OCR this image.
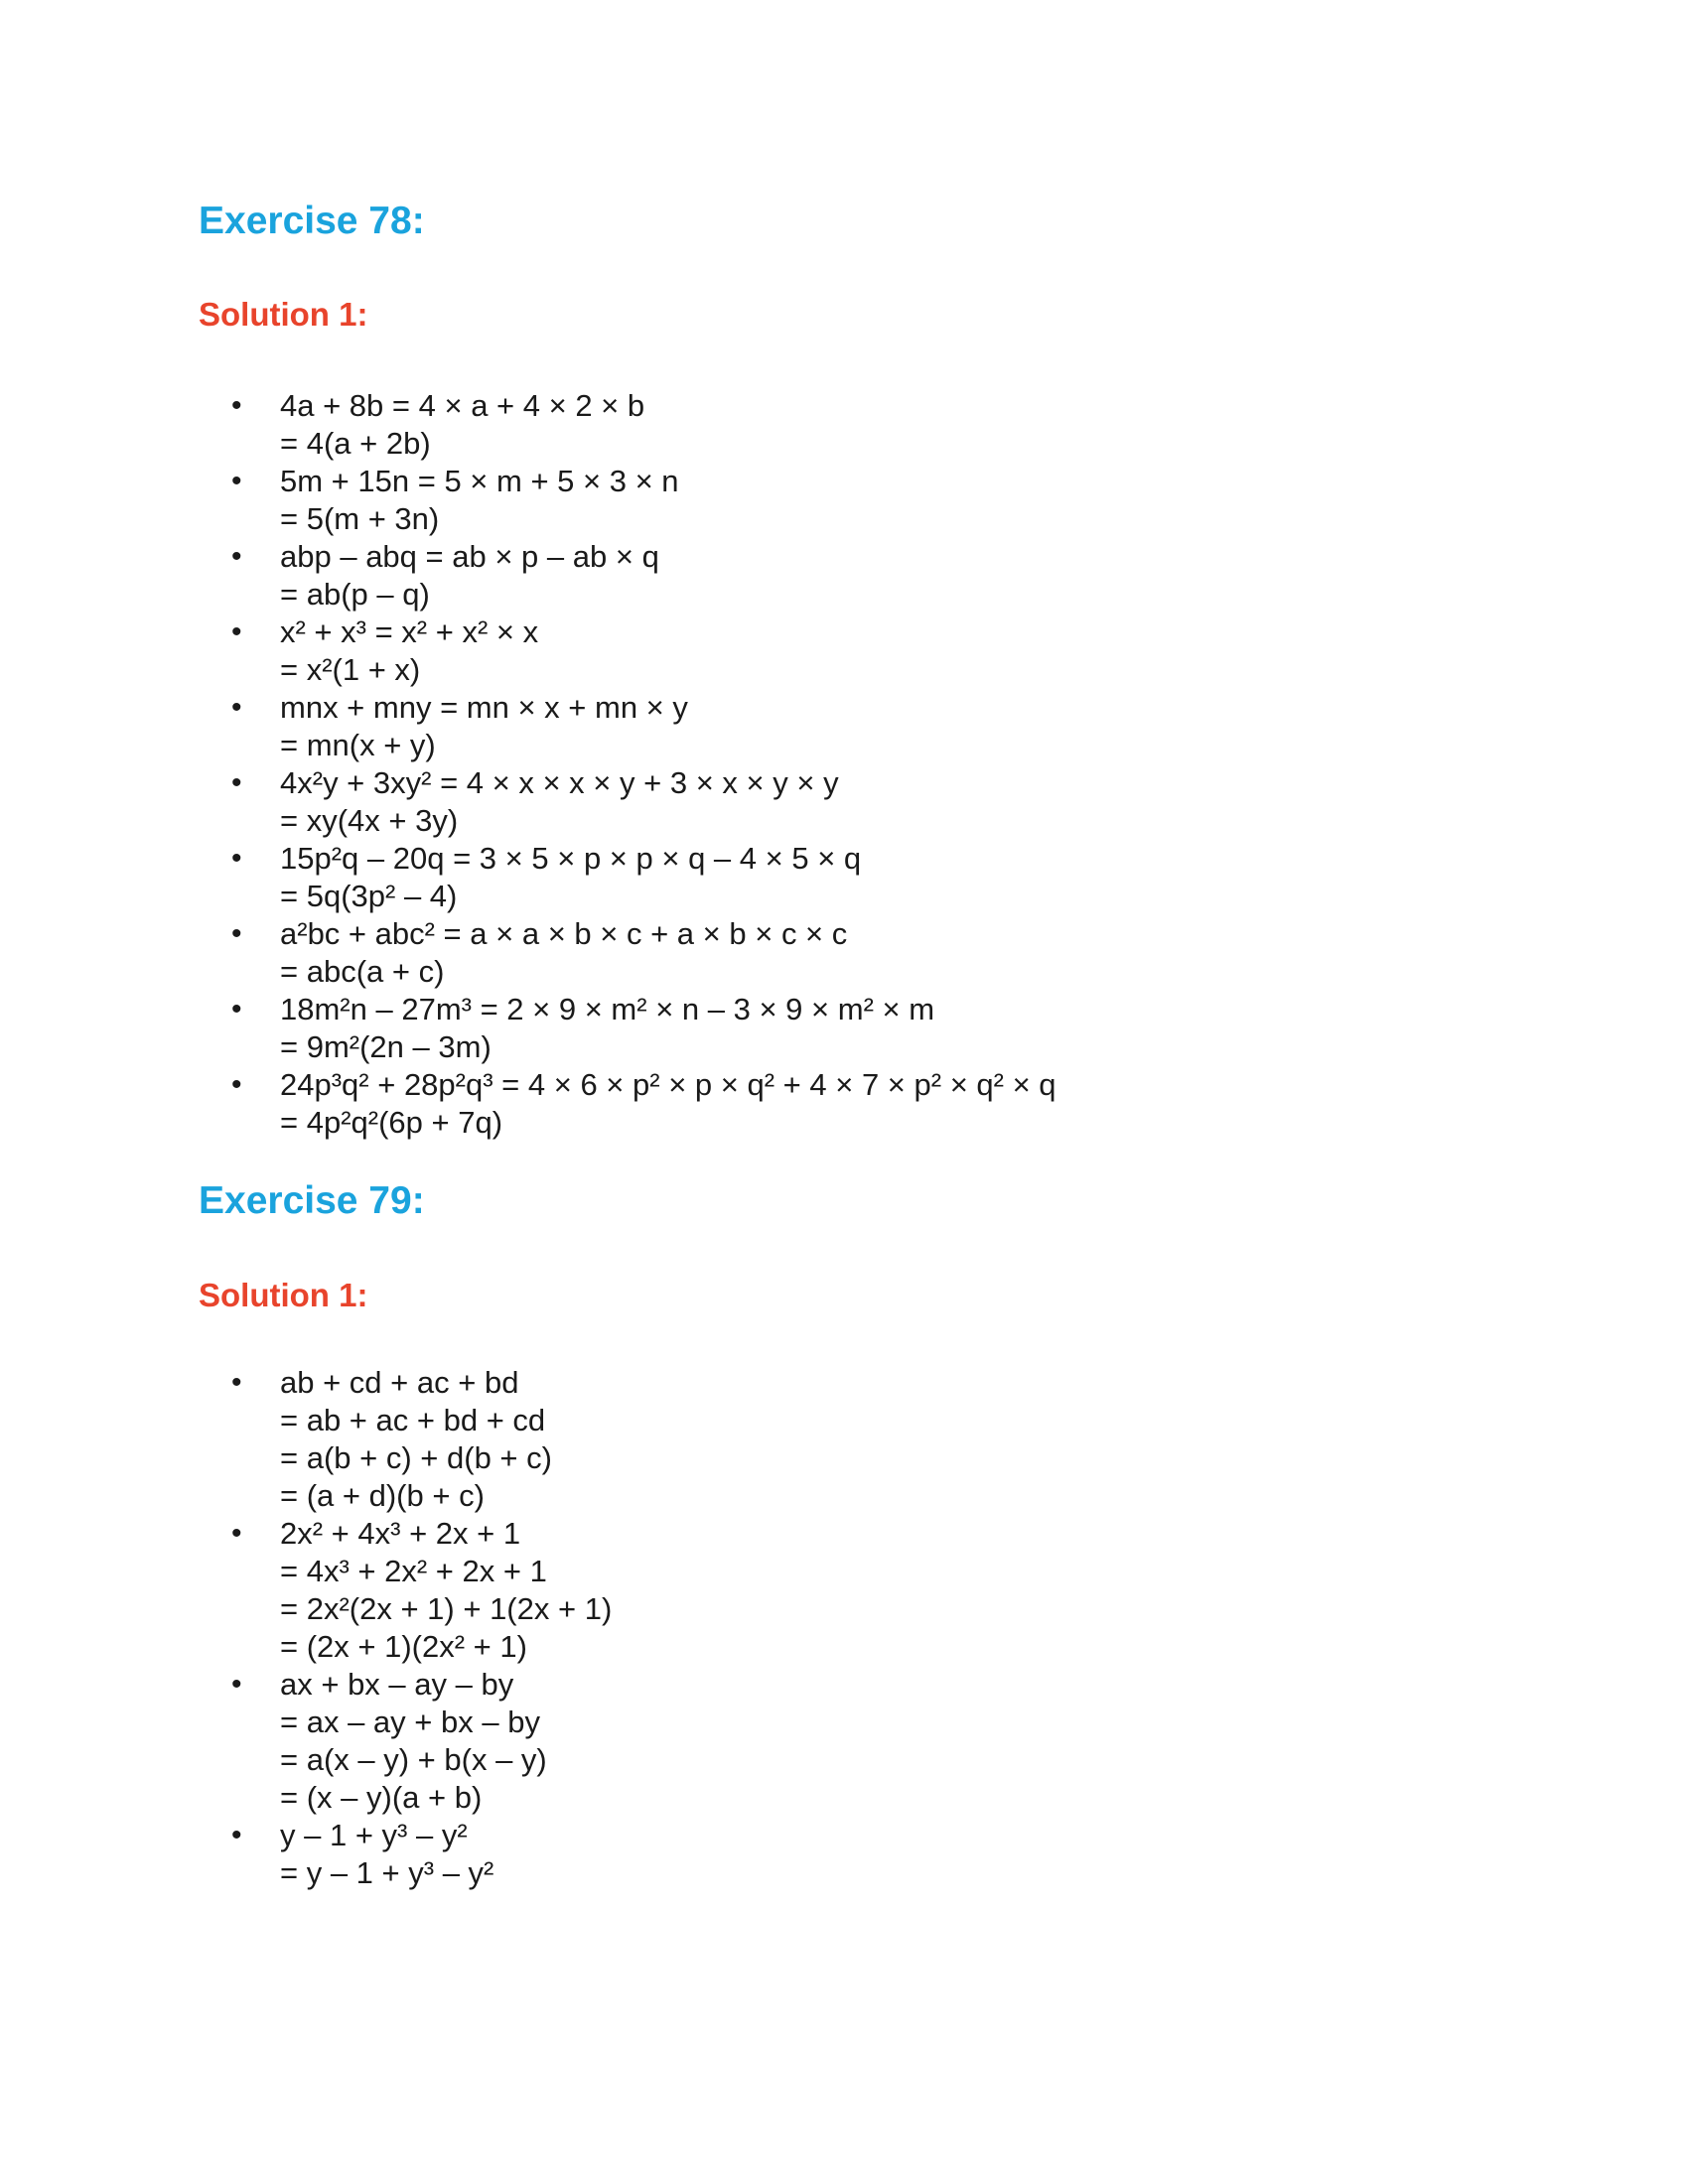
Exercise 78:
Solution 1:
• 4a + 8b = 4 × a + 4 × 2 × b
= 4(a + 2b)
• 5m + 15n = 5 × m + 5 × 3 × n
= 5(m + 3n)
• abp – abq = ab × p – ab × q
= ab(p – q)
• x² + x³ = x² + x² × x
= x²(1 + x)
• mnx + mny = mn × x + mn × y
= mn(x + y)
• 4x²y + 3xy² = 4 × x × x × y + 3 × x × y × y
= xy(4x + 3y)
• 15p²q – 20q = 3 × 5 × p × p × q – 4 × 5 × q
= 5q(3p² – 4)
• a²bc + abc² = a × a × b × c + a × b × c × c
= abc(a + c)
• 18m²n – 27m³ = 2 × 9 × m² × n – 3 × 9 × m² × m
= 9m²(2n – 3m)
• 24p³q² + 28p²q³ = 4 × 6 × p² × p × q² + 4 × 7 × p² × q² × q
= 4p²q²(6p + 7q)
Exercise 79:
Solution 1:
• ab + cd + ac + bd
= ab + ac + bd + cd
= a(b + c) + d(b + c)
= (a + d)(b + c)
• 2x² + 4x³ + 2x + 1
= 4x³ + 2x² + 2x + 1
= 2x²(2x + 1) + 1(2x + 1)
= (2x + 1)(2x² + 1)
• ax + bx – ay – by
= ax – ay + bx – by
= a(x – y) + b(x – y)
= (x – y)(a + b)
• y – 1 + y³ – y²
= y – 1 + y³ – y²
